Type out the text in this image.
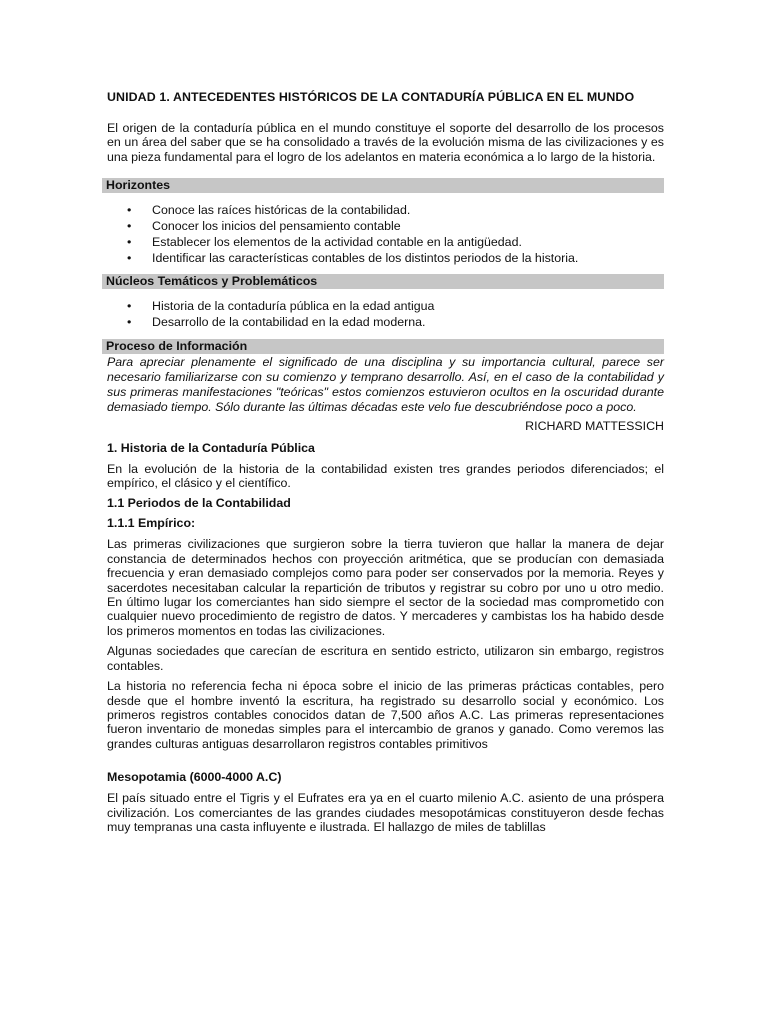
UNIDAD 1. ANTECEDENTES HISTÓRICOS DE LA CONTADURÍA PÚBLICA EN EL MUNDO

El origen de la contaduría pública en el mundo constituye el soporte del desarrollo de los procesos en un área del saber que se ha consolidado a través de la evolución misma de las civilizaciones y es una pieza fundamental para el logro de los adelantos en materia económica a lo largo de la historia.

Horizontes
• Conoce las raíces históricas de la contabilidad.
• Conocer los inicios del pensamiento contable
• Establecer los elementos de la actividad contable en la antigüedad.
• Identificar las características contables de los distintos periodos de la historia.
Núcleos Temáticos y Problemáticos
• Historia de la contaduría pública en la edad antigua
• Desarrollo de la contabilidad en la edad moderna.
Proceso de Información

Para apreciar plenamente el significado de una disciplina y su importancia cultural, parece ser necesario familiarizarse con su comienzo y temprano desarrollo. Así, en el caso de la contabilidad y sus primeras manifestaciones "teóricas" estos comienzos estuvieron ocultos en la oscuridad durante demasiado tiempo. Sólo durante las últimas décadas este velo fue descubriéndose poco a poco.

RICHARD MATTESSICH

1. Historia de la Contaduría Pública

En la evolución de la historia de la contabilidad existen tres grandes periodos diferenciados; el empírico, el clásico y el científico.

1.1 Periodos de la Contabilidad

1.1.1 Empírico:

Las primeras civilizaciones que surgieron sobre la tierra tuvieron que hallar la manera de dejar constancia de determinados hechos con proyección aritmética, que se producían con demasiada frecuencia y eran demasiado complejos como para poder ser conservados por la memoria. Reyes y sacerdotes necesitaban calcular la repartición de tributos y registrar su cobro por uno u otro medio. En último lugar los comerciantes han sido siempre el sector de la sociedad mas comprometido con cualquier nuevo procedimiento de registro de datos. Y mercaderes y cambistas los ha habido desde los primeros momentos en todas las civilizaciones.

Algunas sociedades que carecían de escritura en sentido estricto, utilizaron sin embargo, registros contables.

La historia no referencia fecha ni época sobre el inicio de las primeras prácticas contables, pero desde que el hombre inventó la escritura, ha registrado su desarrollo social y económico. Los primeros registros contables conocidos datan de 7,500 años A.C. Las primeras representaciones fueron inventario de monedas simples para el intercambio de granos y ganado. Como veremos las grandes culturas antiguas desarrollaron registros contables primitivos

Mesopotamia (6000-4000 A.C)

El país situado entre el Tigris y el Eufrates era ya en el cuarto milenio A.C. asiento de una próspera civilización. Los comerciantes de las grandes ciudades mesopotámicas constituyeron desde fechas muy tempranas una casta influyente e ilustrada. El hallazgo de miles de tablillas
